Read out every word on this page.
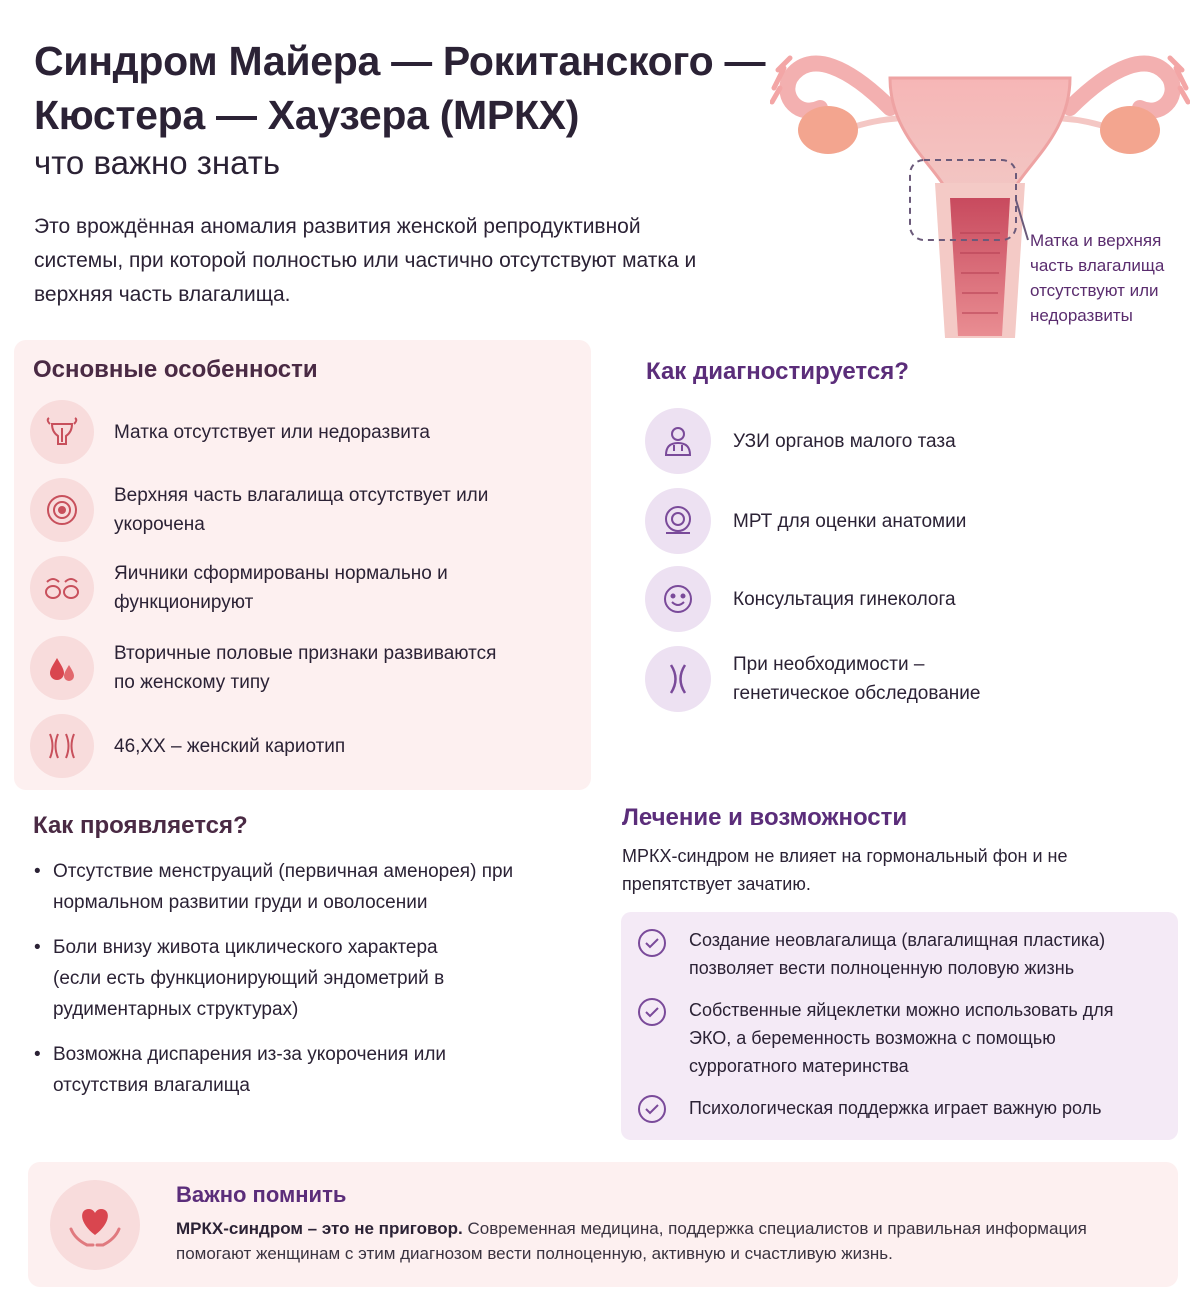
Синдром Майера — Рокитанского —
Кюстера — Хаузера (МРКХ)
что важно знать

Это врождённая аномалия развития женской репродуктивной системы, при которой полностью или частично отсутствуют матка и верхняя часть влагалища.

Матка и верхняя часть влагалища отсутствуют или недоразвиты
Основные особенности
Матка отсутствует или недоразвита
Верхняя часть влагалища отсутствует или укорочена
Яичники сформированы нормально и функционируют
Вторичные половые признаки развиваются по женскому типу
46,XX – женский кариотип
Как диагностируется?
УЗИ органов малого таза
МРТ для оценки анатомии
Консультация гинеколога
При необходимости – генетическое обследование
Как проявляется?
• Отсутствие менструаций (первичная аменорея) при нормальном развитии груди и оволосении
• Боли внизу живота циклического характера (если есть функционирующий эндометрий в рудиментарных структурах)
• Возможна диспарения из-за укорочения или отсутствия влагалища
Лечение и возможности

МРКХ-синдром не влияет на гормональный фон и не препятствует зачатию.

Создание неовлагалища (влагалищная пластика) позволяет вести полноценную половую жизнь
Собственные яйцеклетки можно использовать для ЭКО, а беременность возможна с помощью суррогатного материнства
Психологическая поддержка играет важную роль
Важно помнить

МРКХ-синдром – это не приговор. Современная медицина, поддержка специалистов и правильная информация помогают женщинам с этим диагнозом вести полноценную, активную и счастливую жизнь.
